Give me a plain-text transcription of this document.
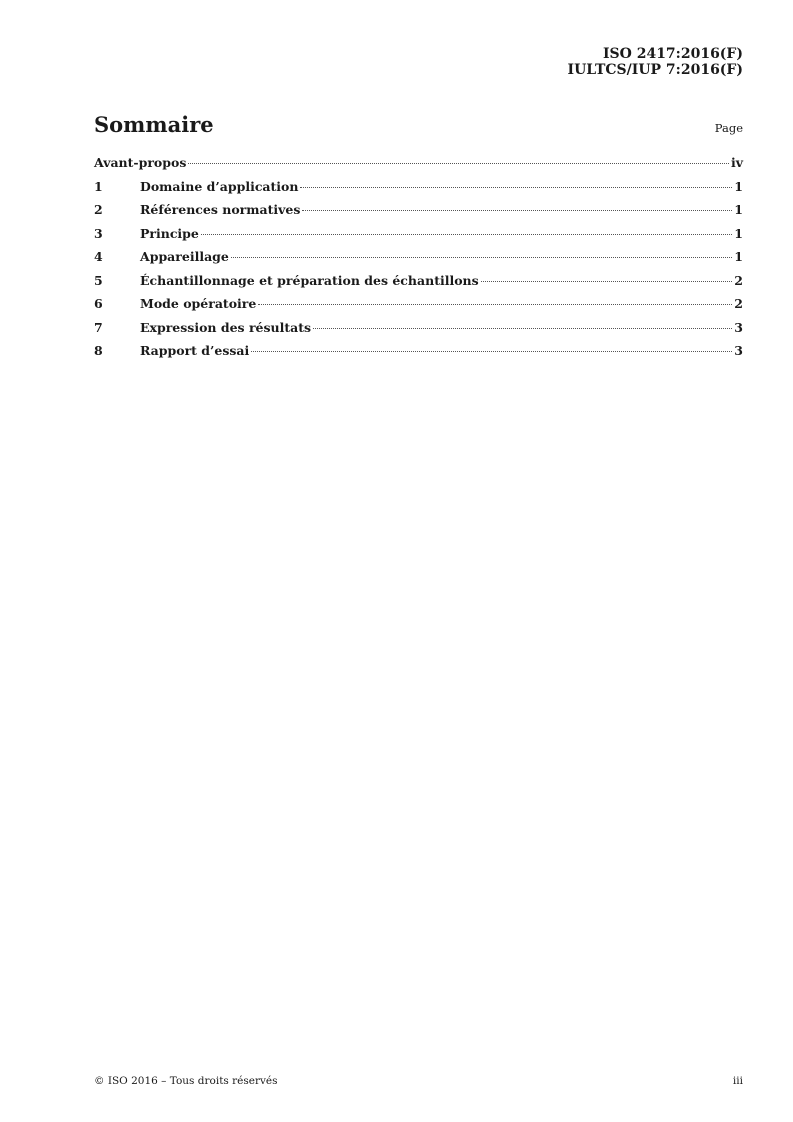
ISO 2417:2016(F)
IULTCS/IUP 7:2016(F)
Sommaire	Page
Avant-propos	iv
1	Domaine d’application	1
2	Références normatives	1
3	Principe	1
4	Appareillage	1
5	Échantillonnage et préparation des échantillons	2
6	Mode opératoire	2
7	Expression des résultats	3
8	Rapport d’essai	3
© ISO 2016 – Tous droits réservés	iii
